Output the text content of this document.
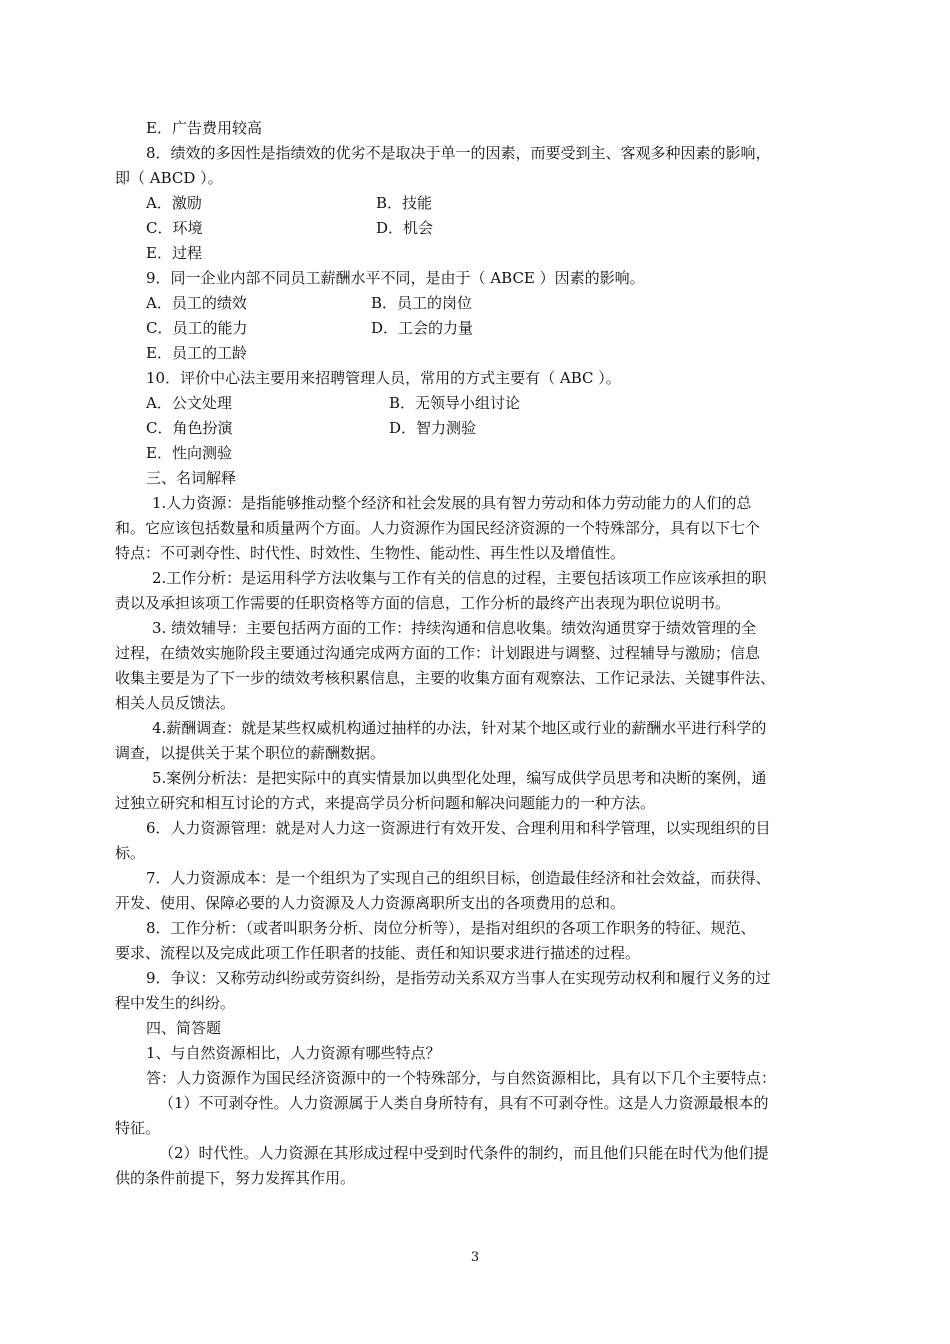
E．广告费用较高
8．绩效的多因性是指绩效的优劣不是取决于单一的因素，而要受到主、客观多种因素的影响，
即（ ABCD ）。
A．激励	B．技能
C．环境	D．机会
E．过程
9．同一企业内部不同员工薪酬水平不同，是由于（ ABCE ）因素的影响。
A．员工的绩效	B．员工的岗位
C．员工的能力	D．工会的力量
E．员工的工龄
10．评价中心法主要用来招聘管理人员，常用的方式主要有（ ABC ）。
A．公文处理	B．无领导小组讨论
C．角色扮演	D．智力测验
E．性向测验
三、名词解释
1.人力资源：是指能够推动整个经济和社会发展的具有智力劳动和体力劳动能力的人们的总
和。它应该包括数量和质量两个方面。人力资源作为国民经济资源的一个特殊部分，具有以下七个
特点：不可剥夺性、时代性、时效性、生物性、能动性、再生性以及增值性。
2.工作分析：是运用科学方法收集与工作有关的信息的过程，主要包括该项工作应该承担的职
责以及承担该项工作需要的任职资格等方面的信息，工作分析的最终产出表现为职位说明书。
3. 绩效辅导：主要包括两方面的工作：持续沟通和信息收集。绩效沟通贯穿于绩效管理的全
过程，在绩效实施阶段主要通过沟通完成两方面的工作：计划跟进与调整、过程辅导与激励；信息
收集主要是为了下一步的绩效考核积累信息，主要的收集方面有观察法、工作记录法、关键事件法、
相关人员反馈法。
4.薪酬调查：就是某些权威机构通过抽样的办法，针对某个地区或行业的薪酬水平进行科学的
调查，以提供关于某个职位的薪酬数据。
5.案例分析法：是把实际中的真实情景加以典型化处理，编写成供学员思考和决断的案例，通
过独立研究和相互讨论的方式，来提高学员分析问题和解决问题能力的一种方法。
6．人力资源管理：就是对人力这一资源进行有效开发、合理利用和科学管理，以实现组织的目
标。
7．人力资源成本：是一个组织为了实现自己的组织目标，创造最佳经济和社会效益，而获得、
开发、使用、保障必要的人力资源及人力资源离职所支出的各项费用的总和。
8．工作分析：（或者叫职务分析、岗位分析等），是指对组织的各项工作职务的特征、规范、
要求、流程以及完成此项工作任职者的技能、责任和知识要求进行描述的过程。
9．争议：又称劳动纠纷或劳资纠纷，是指劳动关系双方当事人在实现劳动权利和履行义务的过
程中发生的纠纷。
四、简答题
1、与自然资源相比，人力资源有哪些特点？
答：人力资源作为国民经济资源中的一个特殊部分，与自然资源相比，具有以下几个主要特点：
（1）不可剥夺性。人力资源属于人类自身所特有，具有不可剥夺性。这是人力资源最根本的
特征。
（2）时代性。人力资源在其形成过程中受到时代条件的制约，而且他们只能在时代为他们提
供的条件前提下，努力发挥其作用。
3
